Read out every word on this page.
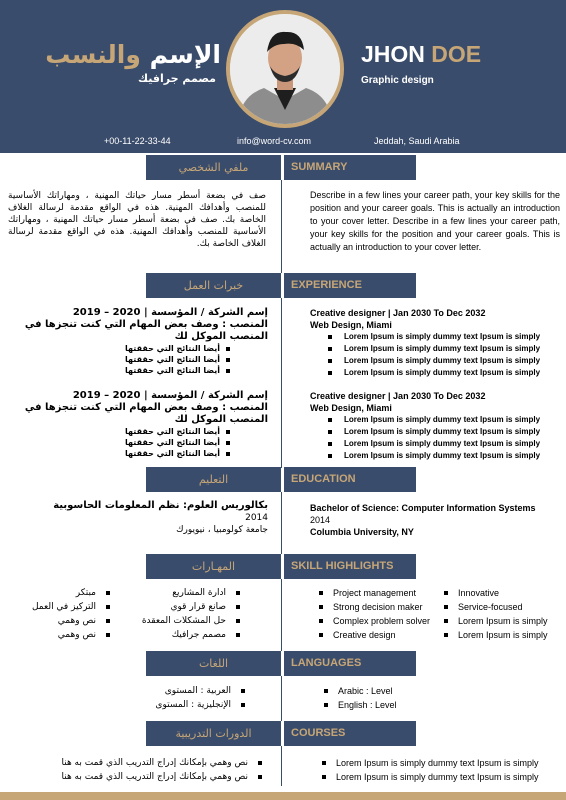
الإسم والنسب
مصمم جرافيك
JHON DOE
Graphic design
+00-11-22-33-44	info@word-cv.com	Jeddah, Saudi Arabia
ملفي الشخصي	SUMMARY
صف في بضعة أسطر مسار حياتك المهنية ، ومهاراتك الأساسية للمنصب وأهدافك المهنية. هذه في الواقع مقدمة لرسالة الغلاف الخاصة بك. صف في بضعة أسطر مسار حياتك المهنية ، ومهاراتك الأساسية للمنصب وأهدافك المهنية. هذه في الواقع مقدمة لرسالة الغلاف الخاصة بك.
Describe in a few lines your career path, your key skills for the position and your career goals. This is actually an introduction to your cover letter. Describe in a few lines your career path, your key skills for the position and your career goals. This is actually an introduction to your cover letter.
خبرات العمل	EXPERIENCE
إسم الشركة / المؤسسة | 2020 – 2019
المنصب : وصف بعض المهام التي كنت تنجزها في المنصب الموكل لك
أيضا النتائج التي حققتها
أيضا النتائج التي حققتها
أيضا النتائج التي حققتها
إسم الشركة / المؤسسة | 2020 – 2019
المنصب : وصف بعض المهام التي كنت تنجزها في المنصب الموكل لك
أيضا النتائج التي حققتها
أيضا النتائج التي حققتها
أيضا النتائج التي حققتها
Creative designer | Jan 2030 To Dec 2032
Web Design, Miami
Lorem Ipsum is simply dummy text Ipsum is simply
Lorem Ipsum is simply dummy text Ipsum is simply
Lorem Ipsum is simply dummy text Ipsum is simply
Lorem Ipsum is simply dummy text Ipsum is simply
Creative designer | Jan 2030 To Dec 2032
Web Design, Miami
Lorem Ipsum is simply dummy text Ipsum is simply
Lorem Ipsum is simply dummy text Ipsum is simply
Lorem Ipsum is simply dummy text Ipsum is simply
Lorem Ipsum is simply dummy text Ipsum is simply
التعليم	EDUCATION
بكالوريس العلوم: نظم المعلومات الحاسوبية
2014
جامعة كولومبيا ، نيويورك
Bachelor of Science: Computer Information Systems
2014
Columbia University, NY
المهـارات	SKILL HIGHLIGHTS
ادارة المشاريع
صانع قرار قوي
حل المشكلات المعقدة
مصمم جرافيك
مبتكر
التركيز في العمل
نص وهمي
نص وهمي
Project management
Strong decision maker
Complex problem solver
Creative design
Innovative
Service-focused
Lorem Ipsum is simply
Lorem Ipsum is simply
اللغات	LANGUAGES
العربية : المستوى
الإنجليزية : المستوى
Arabic : Level
English : Level
الدورات التدريبية	COURSES
نص وهمي بإمكانك إدراج التدريب الذي قمت به هنا
نص وهمي بإمكانك إدراج التدريب الذي قمت به هنا
Lorem Ipsum is simply dummy text Ipsum is simply
Lorem Ipsum is simply dummy text Ipsum is simply
